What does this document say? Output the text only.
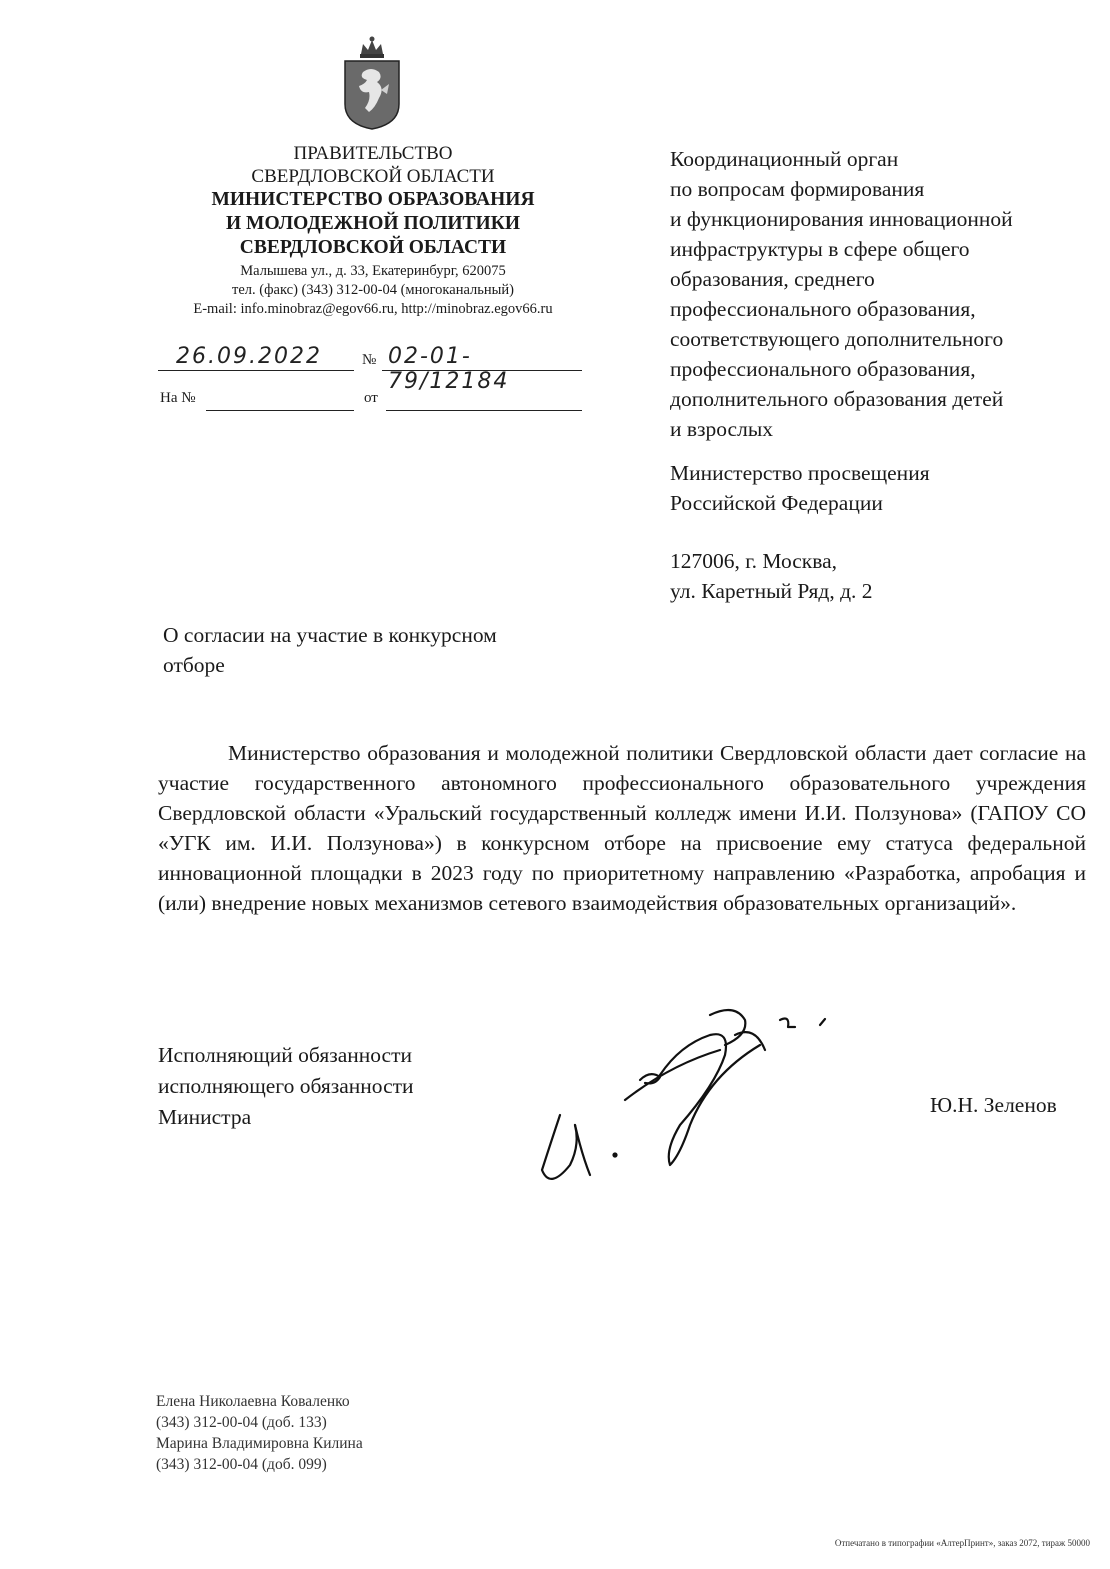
ПРАВИТЕЛЬСТВО
СВЕРДЛОВСКОЙ ОБЛАСТИ
МИНИСТЕРСТВО ОБРАЗОВАНИЯ
И МОЛОДЕЖНОЙ ПОЛИТИКИ
СВЕРДЛОВСКОЙ ОБЛАСТИ
Малышева ул., д. 33, Екатеринбург, 620075
тел. (факс) (343) 312-00-04 (многоканальный)
E-mail: info.minobraz@egov66.ru, http://minobraz.egov66.ru
26.09.2022	№ 02-01-79/12184
На №	от
Координационный орган
по вопросам формирования
и функционирования инновационной
инфраструктуры в сфере общего
образования, среднего
профессионального образования,
соответствующего дополнительного
профессионального образования,
дополнительного образования детей
и взрослых
Министерство просвещения
Российской Федерации
127006, г. Москва,
ул. Каретный Ряд, д. 2
О согласии на участие в конкурсном
отборе
Министерство образования и молодежной политики Свердловской области дает согласие на участие государственного автономного профессионального образовательного учреждения Свердловской области «Уральский государственный колледж имени И.И. Ползунова» (ГАПОУ СО «УГК им. И.И. Ползунова») в конкурсном отборе на присвоение ему статуса федеральной инновационной площадки в 2023 году по приоритетному направлению «Разработка, апробация и (или) внедрение новых механизмов сетевого взаимодействия образовательных организаций».
Исполняющий обязанности
исполняющего обязанности
Министра	Ю.Н. Зеленов
Елена Николаевна Коваленко
(343) 312-00-04 (доб. 133)
Марина Владимировна Килина
(343) 312-00-04 (доб. 099)
Отпечатано в типографии «АлтерПринт», заказ 2072, тираж 50000
